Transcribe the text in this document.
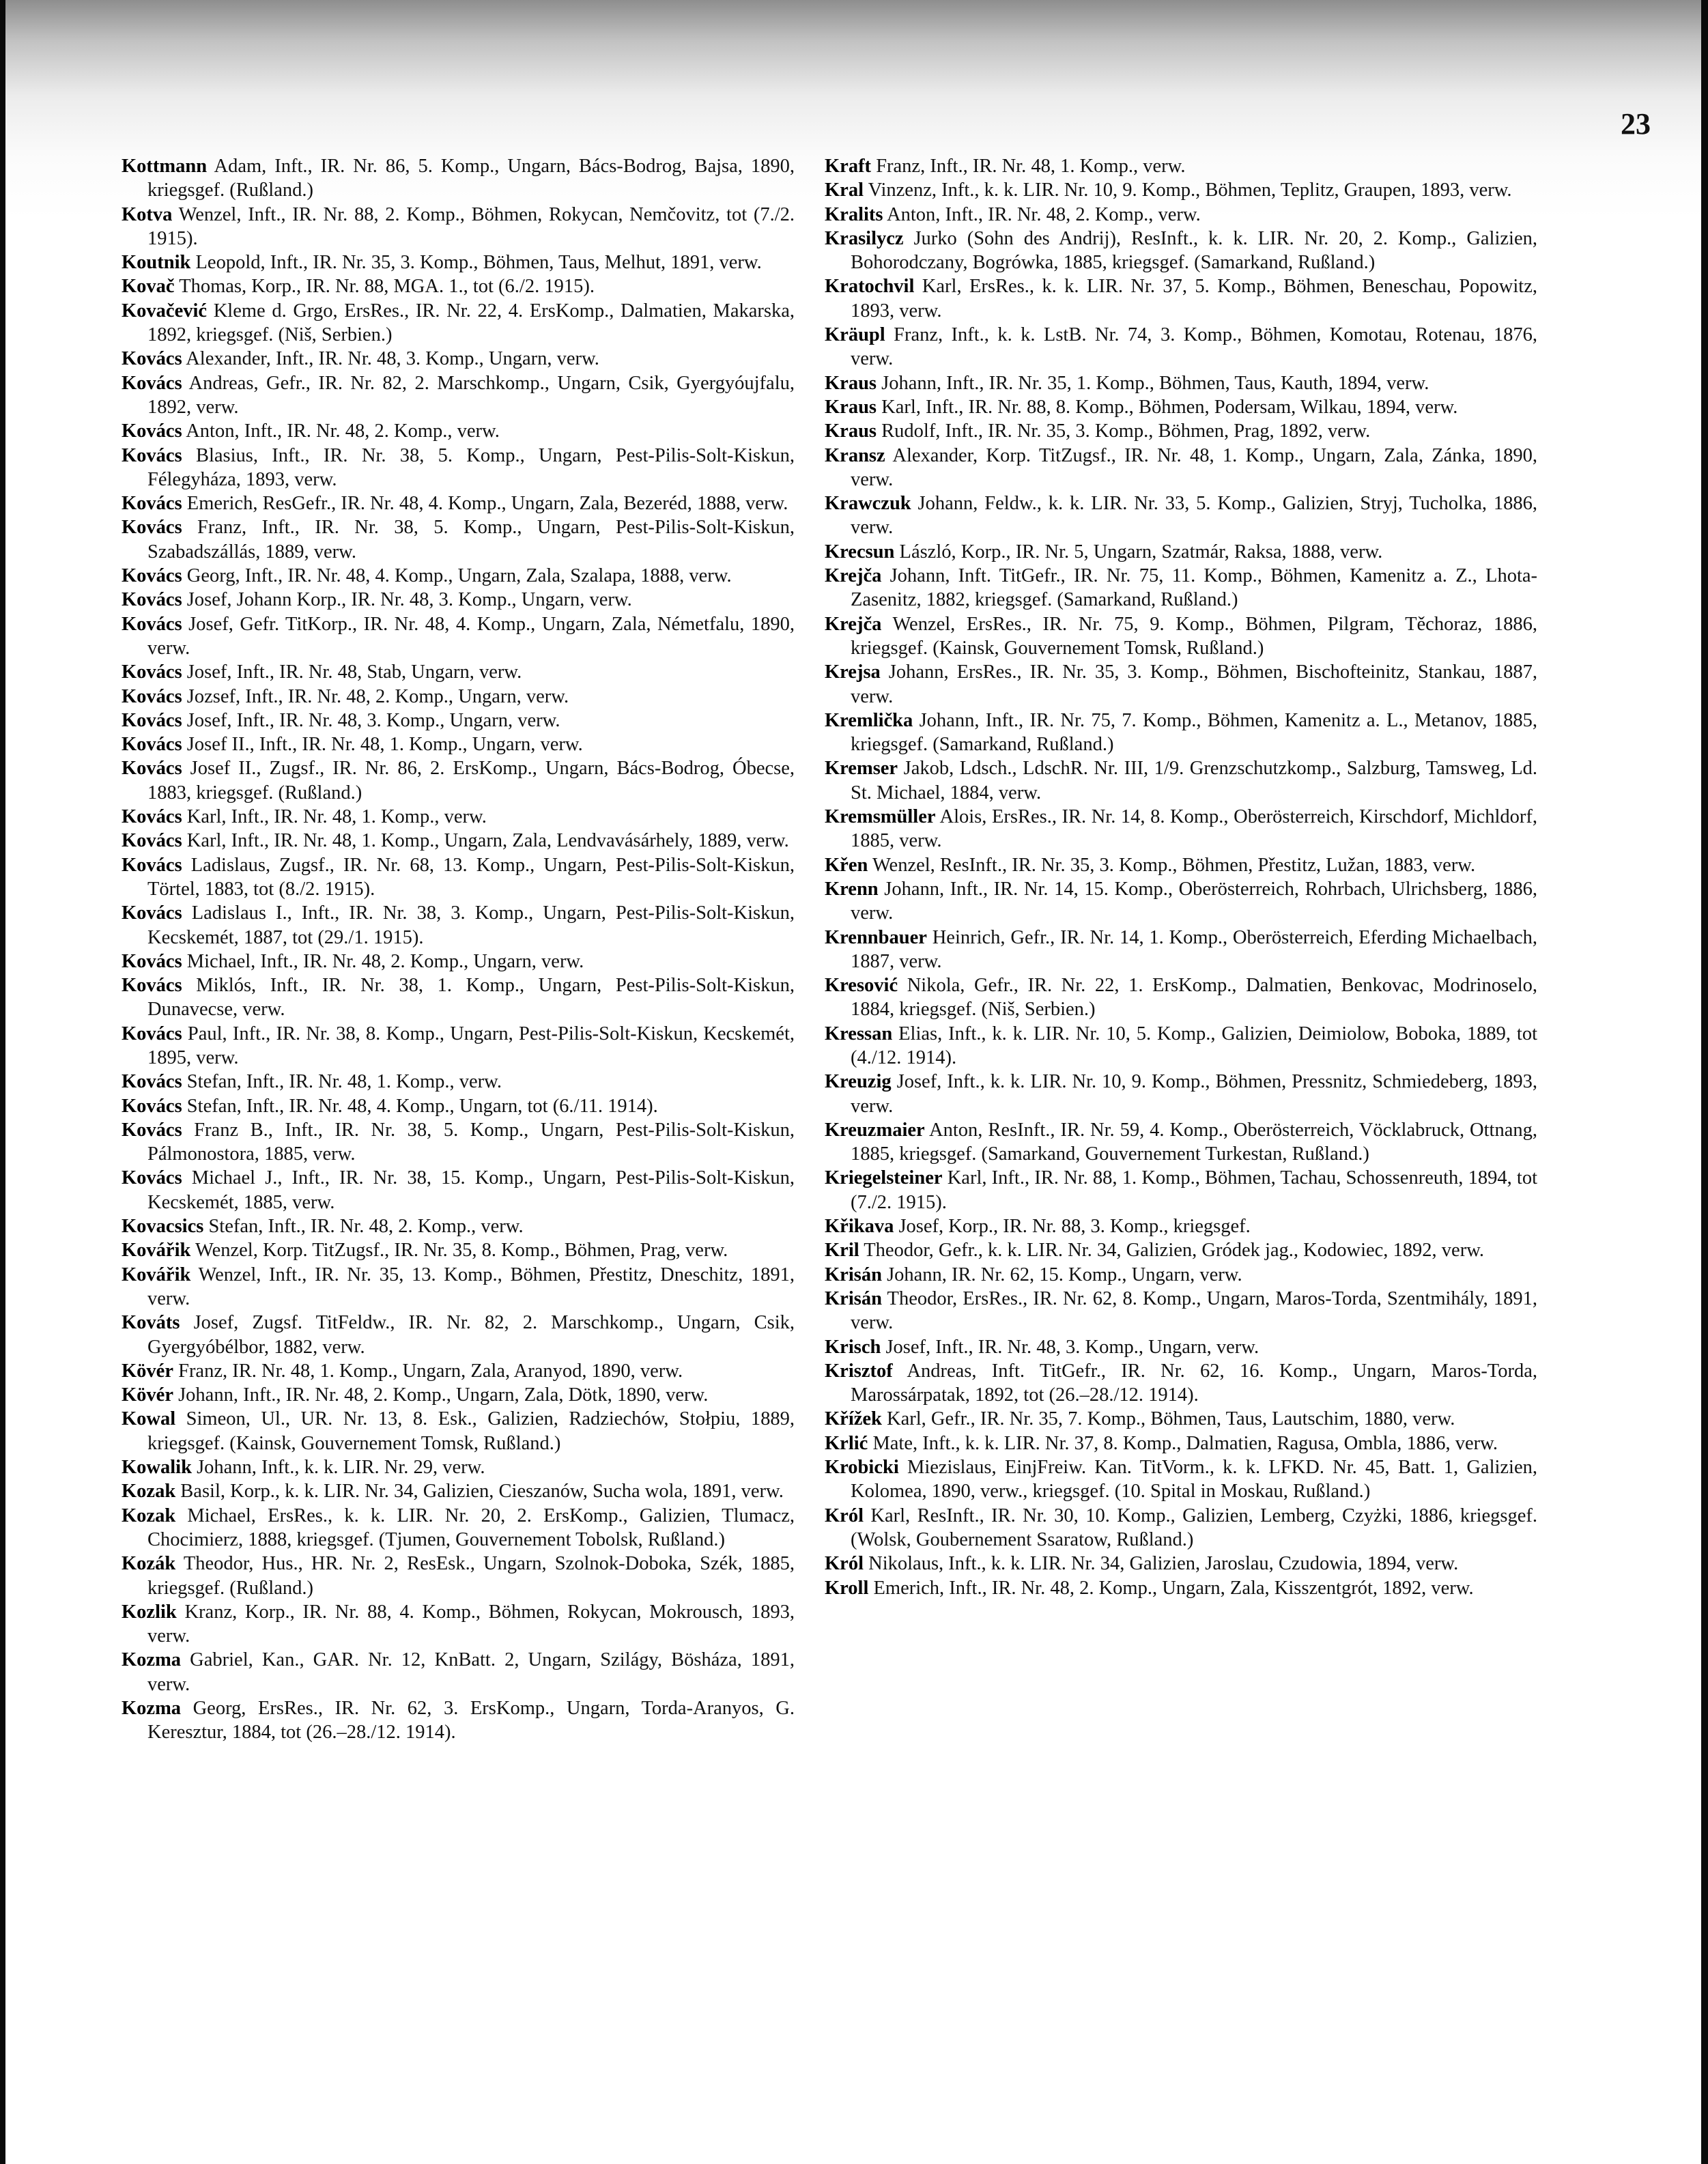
23
Kottmann Adam, Inft., IR. Nr. 86, 5. Komp., Ungarn, Bács-Bodrog, Bajsa, 1890, kriegsgef. (Rußland.)
Kotva Wenzel, Inft., IR. Nr. 88, 2. Komp., Böhmen, Rokycan, Nemčovitz, tot (7./2. 1915).
Koutnik Leopold, Inft., IR. Nr. 35, 3. Komp., Böhmen, Taus, Melhut, 1891, verw.
Kovač Thomas, Korp., IR. Nr. 88, MGA. 1., tot (6./2. 1915).
Kovačević Kleme d. Grgo, ErsRes., IR. Nr. 22, 4. ErsKomp., Dalmatien, Makarska, 1892, kriegsgef. (Niš, Serbien.)
Kovács Alexander, Inft., IR. Nr. 48, 3. Komp., Ungarn, verw.
Kovács Andreas, Gefr., IR. Nr. 82, 2. Marschkomp., Ungarn, Csik, Gyergyóujfalu, 1892, verw.
Kovács Anton, Inft., IR. Nr. 48, 2. Komp., verw.
Kovács Blasius, Inft., IR. Nr. 38, 5. Komp., Ungarn, Pest-Pilis-Solt-Kiskun, Félegyháza, 1893, verw.
Kovács Emerich, ResGefr., IR. Nr. 48, 4. Komp., Ungarn, Zala, Bezeréd, 1888, verw.
Kovács Franz, Inft., IR. Nr. 38, 5. Komp., Ungarn, Pest-Pilis-Solt-Kiskun, Szabadszállás, 1889, verw.
Kovács Georg, Inft., IR. Nr. 48, 4. Komp., Ungarn, Zala, Szalapa, 1888, verw.
Kovács Josef, Johann Korp., IR. Nr. 48, 3. Komp., Ungarn, verw.
Kovács Josef, Gefr. TitKorp., IR. Nr. 48, 4. Komp., Ungarn, Zala, Németfalu, 1890, verw.
Kovács Josef, Inft., IR. Nr. 48, Stab, Ungarn, verw.
Kovács Jozsef, Inft., IR. Nr. 48, 2. Komp., Ungarn, verw.
Kovács Josef, Inft., IR. Nr. 48, 3. Komp., Ungarn, verw.
Kovács Josef II., Inft., IR. Nr. 48, 1. Komp., Ungarn, verw.
Kovács Josef II., Zugsf., IR. Nr. 86, 2. ErsKomp., Ungarn, Bács-Bodrog, Óbecse, 1883, kriegsgef. (Rußland.)
Kovács Karl, Inft., IR. Nr. 48, 1. Komp., verw.
Kovács Karl, Inft., IR. Nr. 48, 1. Komp., Ungarn, Zala, Lendvavásárhely, 1889, verw.
Kovács Ladislaus, Zugsf., IR. Nr. 68, 13. Komp., Ungarn, Pest-Pilis-Solt-Kiskun, Törtel, 1883, tot (8./2. 1915).
Kovács Ladislaus I., Inft., IR. Nr. 38, 3. Komp., Ungarn, Pest-Pilis-Solt-Kiskun, Kecskemét, 1887, tot (29./1. 1915).
Kovács Michael, Inft., IR. Nr. 48, 2. Komp., Ungarn, verw.
Kovács Miklós, Inft., IR. Nr. 38, 1. Komp., Ungarn, Pest-Pilis-Solt-Kiskun, Dunavecse, verw.
Kovács Paul, Inft., IR. Nr. 38, 8. Komp., Ungarn, Pest-Pilis-Solt-Kiskun, Kecskemét, 1895, verw.
Kovács Stefan, Inft., IR. Nr. 48, 1. Komp., verw.
Kovács Stefan, Inft., IR. Nr. 48, 4. Komp., Ungarn, tot (6./11. 1914).
Kovács Franz B., Inft., IR. Nr. 38, 5. Komp., Ungarn, Pest-Pilis-Solt-Kiskun, Pálmonostora, 1885, verw.
Kovács Michael J., Inft., IR. Nr. 38, 15. Komp., Ungarn, Pest-Pilis-Solt-Kiskun, Kecskemét, 1885, verw.
Kovacsics Stefan, Inft., IR. Nr. 48, 2. Komp., verw.
Kovářik Wenzel, Korp. TitZugsf., IR. Nr. 35, 8. Komp., Böhmen, Prag, verw.
Kovářik Wenzel, Inft., IR. Nr. 35, 13. Komp., Böhmen, Přestitz, Dneschitz, 1891, verw.
Kováts Josef, Zugsf. TitFeldw., IR. Nr. 82, 2. Marschkomp., Ungarn, Csik, Gyergyóbélbor, 1882, verw.
Kövér Franz, IR. Nr. 48, 1. Komp., Ungarn, Zala, Aranyod, 1890, verw.
Kövér Johann, Inft., IR. Nr. 48, 2. Komp., Ungarn, Zala, Dötk, 1890, verw.
Kowal Simeon, Ul., UR. Nr. 13, 8. Esk., Galizien, Radziechów, Stołpiu, 1889, kriegsgef. (Kainsk, Gouvernement Tomsk, Rußland.)
Kowalik Johann, Inft., k. k. LIR. Nr. 29, verw.
Kozak Basil, Korp., k. k. LIR. Nr. 34, Galizien, Cieszanów, Sucha wola, 1891, verw.
Kozak Michael, ErsRes., k. k. LIR. Nr. 20, 2. ErsKomp., Galizien, Tlumacz, Chocimierz, 1888, kriegsgef. (Tjumen, Gouvernement Tobolsk, Rußland.)
Kozák Theodor, Hus., HR. Nr. 2, ResEsk., Ungarn, Szolnok-Doboka, Szék, 1885, kriegsgef. (Rußland.)
Kozlik Kranz, Korp., IR. Nr. 88, 4. Komp., Böhmen, Rokycan, Mokrousch, 1893, verw.
Kozma Gabriel, Kan., GAR. Nr. 12, KnBatt. 2, Ungarn, Szilágy, Bösháza, 1891, verw.
Kozma Georg, ErsRes., IR. Nr. 62, 3. ErsKomp., Ungarn, Torda-Aranyos, G. Keresztur, 1884, tot (26.–28./12. 1914).
Kraft Franz, Inft., IR. Nr. 48, 1. Komp., verw.
Kral Vinzenz, Inft., k. k. LIR. Nr. 10, 9. Komp., Böhmen, Teplitz, Graupen, 1893, verw.
Kralits Anton, Inft., IR. Nr. 48, 2. Komp., verw.
Krasilycz Jurko (Sohn des Andrij), ResInft., k. k. LIR. Nr. 20, 2. Komp., Galizien, Bohorodczany, Bogrówka, 1885, kriegsgef. (Samarkand, Rußland.)
Kratochvil Karl, ErsRes., k. k. LIR. Nr. 37, 5. Komp., Böhmen, Beneschau, Popowitz, 1893, verw.
Kräupl Franz, Inft., k. k. LstB. Nr. 74, 3. Komp., Böhmen, Komotau, Rotenau, 1876, verw.
Kraus Johann, Inft., IR. Nr. 35, 1. Komp., Böhmen, Taus, Kauth, 1894, verw.
Kraus Karl, Inft., IR. Nr. 88, 8. Komp., Böhmen, Podersam, Wilkau, 1894, verw.
Kraus Rudolf, Inft., IR. Nr. 35, 3. Komp., Böhmen, Prag, 1892, verw.
Kransz Alexander, Korp. TitZugsf., IR. Nr. 48, 1. Komp., Ungarn, Zala, Zánka, 1890, verw.
Krawczuk Johann, Feldw., k. k. LIR. Nr. 33, 5. Komp., Galizien, Stryj, Tucholka, 1886, verw.
Krecsun László, Korp., IR. Nr. 5, Ungarn, Szatmár, Raksa, 1888, verw.
Krejča Johann, Inft. TitGefr., IR. Nr. 75, 11. Komp., Böhmen, Kamenitz a. Z., Lhota-Zasenitz, 1882, kriegsgef. (Samarkand, Rußland.)
Krejča Wenzel, ErsRes., IR. Nr. 75, 9. Komp., Böhmen, Pilgram, Těchoraz, 1886, kriegsgef. (Kainsk, Gouvernement Tomsk, Rußland.)
Krejsa Johann, ErsRes., IR. Nr. 35, 3. Komp., Böhmen, Bischofteinitz, Stankau, 1887, verw.
Kremlička Johann, Inft., IR. Nr. 75, 7. Komp., Böhmen, Kamenitz a. L., Metanov, 1885, kriegsgef. (Samarkand, Rußland.)
Kremser Jakob, Ldsch., LdschR. Nr. III, 1/9. Grenzschutzkomp., Salzburg, Tamsweg, Ld. St. Michael, 1884, verw.
Kremsmüller Alois, ErsRes., IR. Nr. 14, 8. Komp., Oberösterreich, Kirschdorf, Michldorf, 1885, verw.
Křen Wenzel, ResInft., IR. Nr. 35, 3. Komp., Böhmen, Přestitz, Lužan, 1883, verw.
Krenn Johann, Inft., IR. Nr. 14, 15. Komp., Oberösterreich, Rohrbach, Ulrichsberg, 1886, verw.
Krennbauer Heinrich, Gefr., IR. Nr. 14, 1. Komp., Oberösterreich, Eferding Michaelbach, 1887, verw.
Kresović Nikola, Gefr., IR. Nr. 22, 1. ErsKomp., Dalmatien, Benkovac, Modrinoselo, 1884, kriegsgef. (Niš, Serbien.)
Kressan Elias, Inft., k. k. LIR. Nr. 10, 5. Komp., Galizien, Deimiolow, Boboka, 1889, tot (4./12. 1914).
Kreuzig Josef, Inft., k. k. LIR. Nr. 10, 9. Komp., Böhmen, Pressnitz, Schmiedeberg, 1893, verw.
Kreuzmaier Anton, ResInft., IR. Nr. 59, 4. Komp., Oberösterreich, Vöcklabruck, Ottnang, 1885, kriegsgef. (Samarkand, Gouvernement Turkestan, Rußland.)
Kriegelsteiner Karl, Inft., IR. Nr. 88, 1. Komp., Böhmen, Tachau, Schossenreuth, 1894, tot (7./2. 1915).
Křikava Josef, Korp., IR. Nr. 88, 3. Komp., kriegsgef.
Kril Theodor, Gefr., k. k. LIR. Nr. 34, Galizien, Gródek jag., Kodowiec, 1892, verw.
Krisán Johann, IR. Nr. 62, 15. Komp., Ungarn, verw.
Krisán Theodor, ErsRes., IR. Nr. 62, 8. Komp., Ungarn, Maros-Torda, Szentmihály, 1891, verw.
Krisch Josef, Inft., IR. Nr. 48, 3. Komp., Ungarn, verw.
Krisztof Andreas, Inft. TitGefr., IR. Nr. 62, 16. Komp., Ungarn, Maros-Torda, Marossárpatak, 1892, tot (26.–28./12. 1914).
Křížek Karl, Gefr., IR. Nr. 35, 7. Komp., Böhmen, Taus, Lautschim, 1880, verw.
Krlić Mate, Inft., k. k. LIR. Nr. 37, 8. Komp., Dalmatien, Ragusa, Ombla, 1886, verw.
Krobicki Miezislaus, EinjFreiw. Kan. TitVorm., k. k. LFKD. Nr. 45, Batt. 1, Galizien, Kolomea, 1890, verw., kriegsgef. (10. Spital in Moskau, Rußland.)
Król Karl, ResInft., IR. Nr. 30, 10. Komp., Galizien, Lemberg, Czyżki, 1886, kriegsgef. (Wolsk, Goubernement Ssaratow, Rußland.)
Król Nikolaus, Inft., k. k. LIR. Nr. 34, Galizien, Jaroslau, Czudowia, 1894, verw.
Kroll Emerich, Inft., IR. Nr. 48, 2. Komp., Ungarn, Zala, Kisszentgrót, 1892, verw.
